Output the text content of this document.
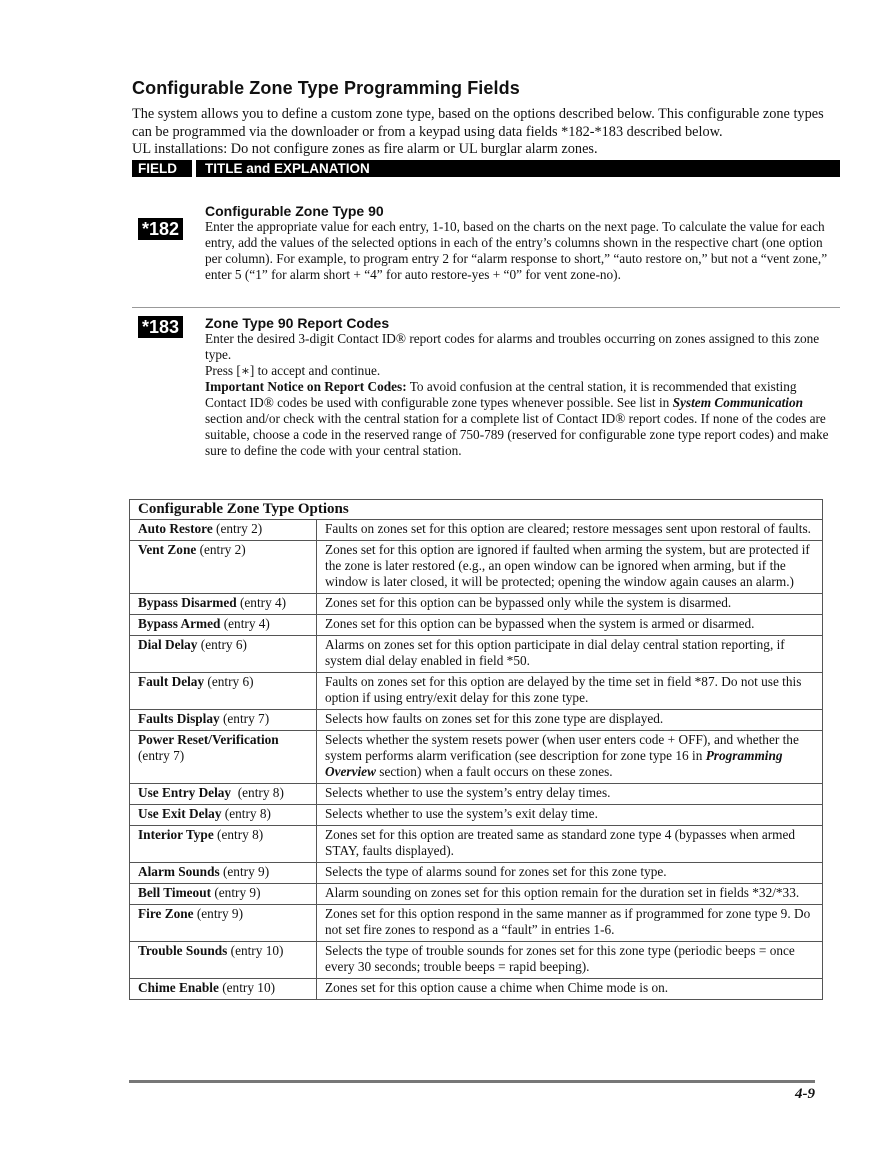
Configurable Zone Type Programming Fields

The system allows you to define a custom zone type, based on the options described below. This configurable zone types can be programmed via the downloader or from a keypad using data fields *182-*183 described below.

UL installations: Do not configure zones as fire alarm or UL burglar alarm zones.

FIELD TITLE and EXPLANATION
*182
Configurable Zone Type 90

Enter the appropriate value for each entry, 1-10, based on the charts on the next page. To calculate the value for each entry, add the values of the selected options in each of the entry’s columns shown in the respective chart (one option per column). For example, to program entry 2 for “alarm response to short,” “auto restore on,” but not a “vent zone,” enter 5 (“1” for alarm short + “4” for auto restore-yes + “0” for vent zone-no).

*183 Zone Type 90 Report Codes

Enter the desired 3-digit Contact ID® report codes for alarms and troubles occurring on zones assigned to this zone type.

Press [∗] to accept and continue.

Important Notice on Report Codes: To avoid confusion at the central station, it is recommended that existing Contact ID® codes be used with configurable zone types whenever possible. See list in System Communication section and/or check with the central station for a complete list of Contact ID® report codes. If none of the codes are suitable, choose a code in the reserved range of 750-789 (reserved for configurable zone type report codes) and make sure to define the code with your central station.

Configurable Zone Type Options	
Auto Restore (entry 2)	Faults on zones set for this option are cleared; restore messages sent upon restoral of faults.
Vent Zone (entry 2)	Zones set for this option are ignored if faulted when arming the system, but are protected if the zone is later restored (e.g., an open window can be ignored when arming, but if the window is later closed, it will be protected; opening the window again causes an alarm.)
Bypass Disarmed (entry 4)	Zones set for this option can be bypassed only while the system is disarmed.
Bypass Armed (entry 4)	Zones set for this option can be bypassed when the system is armed or disarmed.
Dial Delay (entry 6)	Alarms on zones set for this option participate in dial delay central station reporting, if system dial delay enabled in field *50.
Fault Delay (entry 6)	Faults on zones set for this option are delayed by the time set in field *87. Do not use this option if using entry/exit delay for this zone type.
Faults Display (entry 7)	Selects how faults on zones set for this zone type are displayed.
Power Reset/Verification
(entry 7)	Selects whether the system resets power (when user enters code + OFF), and whether the system performs alarm verification (see description for zone type 16 in Programming Overview section) when a fault occurs on these zones.
Use Entry Delay  (entry 8)	Selects whether to use the system’s entry delay times.
Use Exit Delay (entry 8)	Selects whether to use the system’s exit delay time.
Interior Type (entry 8)	Zones set for this option are treated same as standard zone type 4 (bypasses when armed STAY, faults displayed).
Alarm Sounds (entry 9)	Selects the type of alarms sound for zones set for this zone type.
Bell Timeout (entry 9)	Alarm sounding on zones set for this option remain for the duration set in fields *32/*33.
Fire Zone (entry 9)	Zones set for this option respond in the same manner as if programmed for zone type 9. Do not set fire zones to respond as a “fault” in entries 1-6.
Trouble Sounds (entry 10)	Selects the type of trouble sounds for zones set for this zone type (periodic beeps = once every 30 seconds; trouble beeps = rapid beeping).
Chime Enable (entry 10)	Zones set for this option cause a chime when Chime mode is on.
4-9
